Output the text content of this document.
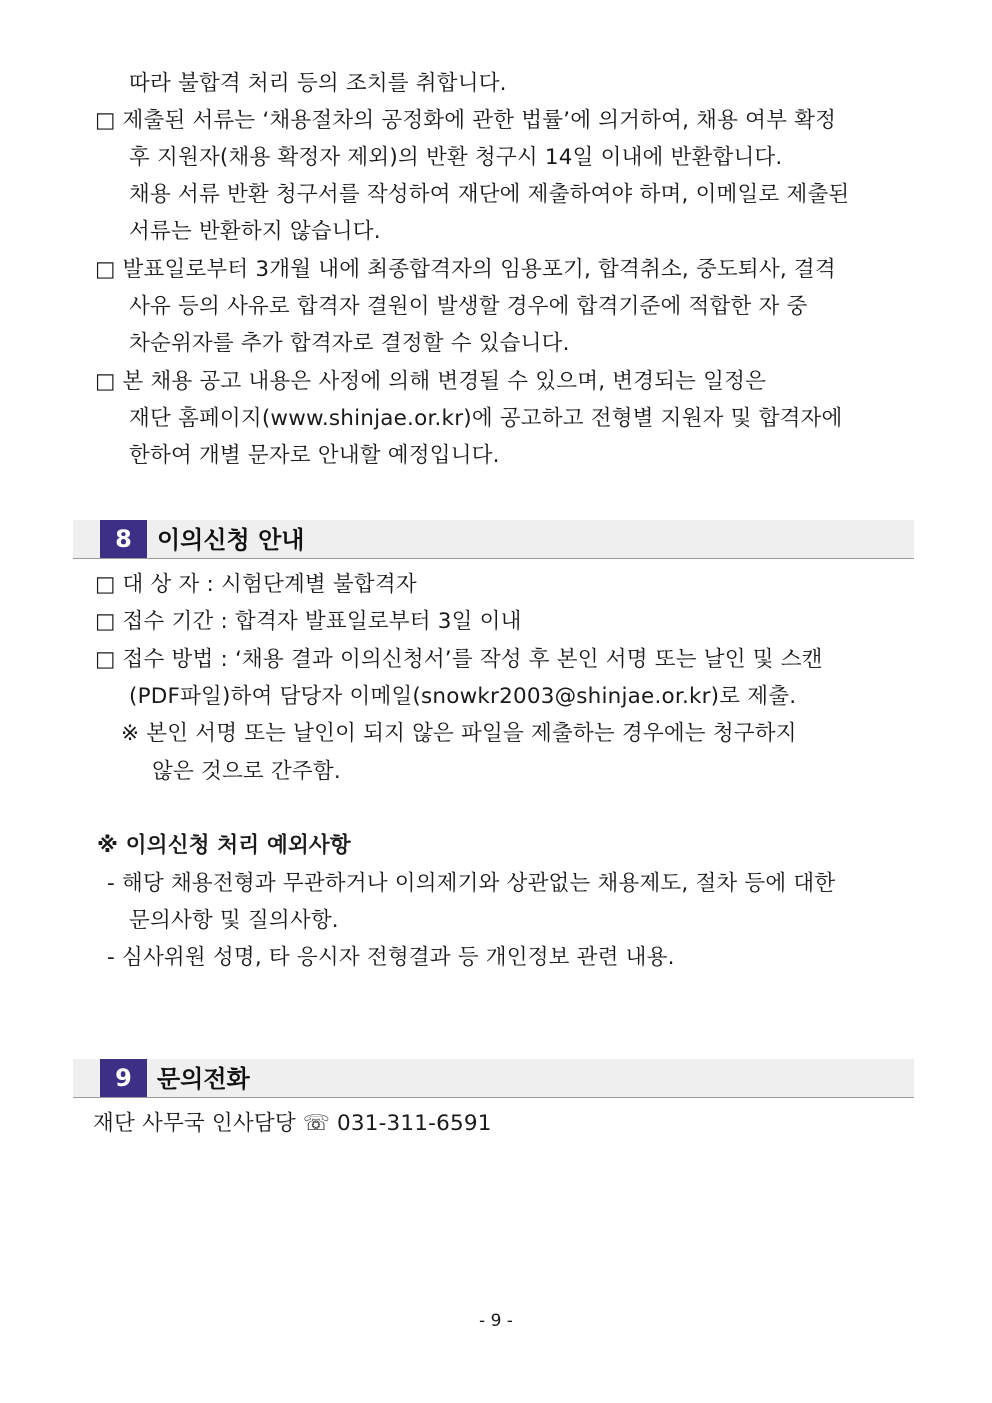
따라 불합격 처리 등의 조치를 취합니다.
□ 제출된 서류는 ‘채용절차의 공정화에 관한 법률’에 의거하여, 채용 여부 확정
후 지원자(채용 확정자 제외)의 반환 청구시 14일 이내에 반환합니다.
채용 서류 반환 청구서를 작성하여 재단에 제출하여야 하며, 이메일로 제출된
서류는 반환하지 않습니다.
□ 발표일로부터 3개월 내에 최종합격자의 임용포기, 합격취소, 중도퇴사, 결격
사유 등의 사유로 합격자 결원이 발생할 경우에 합격기준에 적합한 자 중
차순위자를 추가 합격자로 결정할 수 있습니다.
□ 본 채용 공고 내용은 사정에 의해 변경될 수 있으며, 변경되는 일정은
재단 홈페이지(www.shinjae.or.kr)에 공고하고 전형별 지원자 및 합격자에
한하여 개별 문자로 안내할 예정입니다.
8	이의신청 안내
□ 대 상 자 : 시험단계별 불합격자
□ 접수 기간 : 합격자 발표일로부터 3일 이내
□ 접수 방법 : ‘채용 결과 이의신청서’를 작성 후 본인 서명 또는 날인 및 스캔
(PDF파일)하여 담당자 이메일(snowkr2003@shinjae.or.kr)로 제출.
※ 본인 서명 또는 날인이 되지 않은 파일을 제출하는 경우에는 청구하지
않은 것으로 간주함.
※ 이의신청 처리 예외사항
- 해당 채용전형과 무관하거나 이의제기와 상관없는 채용제도, 절차 등에 대한
문의사항 및 질의사항.
- 심사위원 성명, 타 응시자 전형결과 등 개인정보 관련 내용.
9	문의전화
재단 사무국 인사담당 ☏ 031-311-6591
- 9 -
